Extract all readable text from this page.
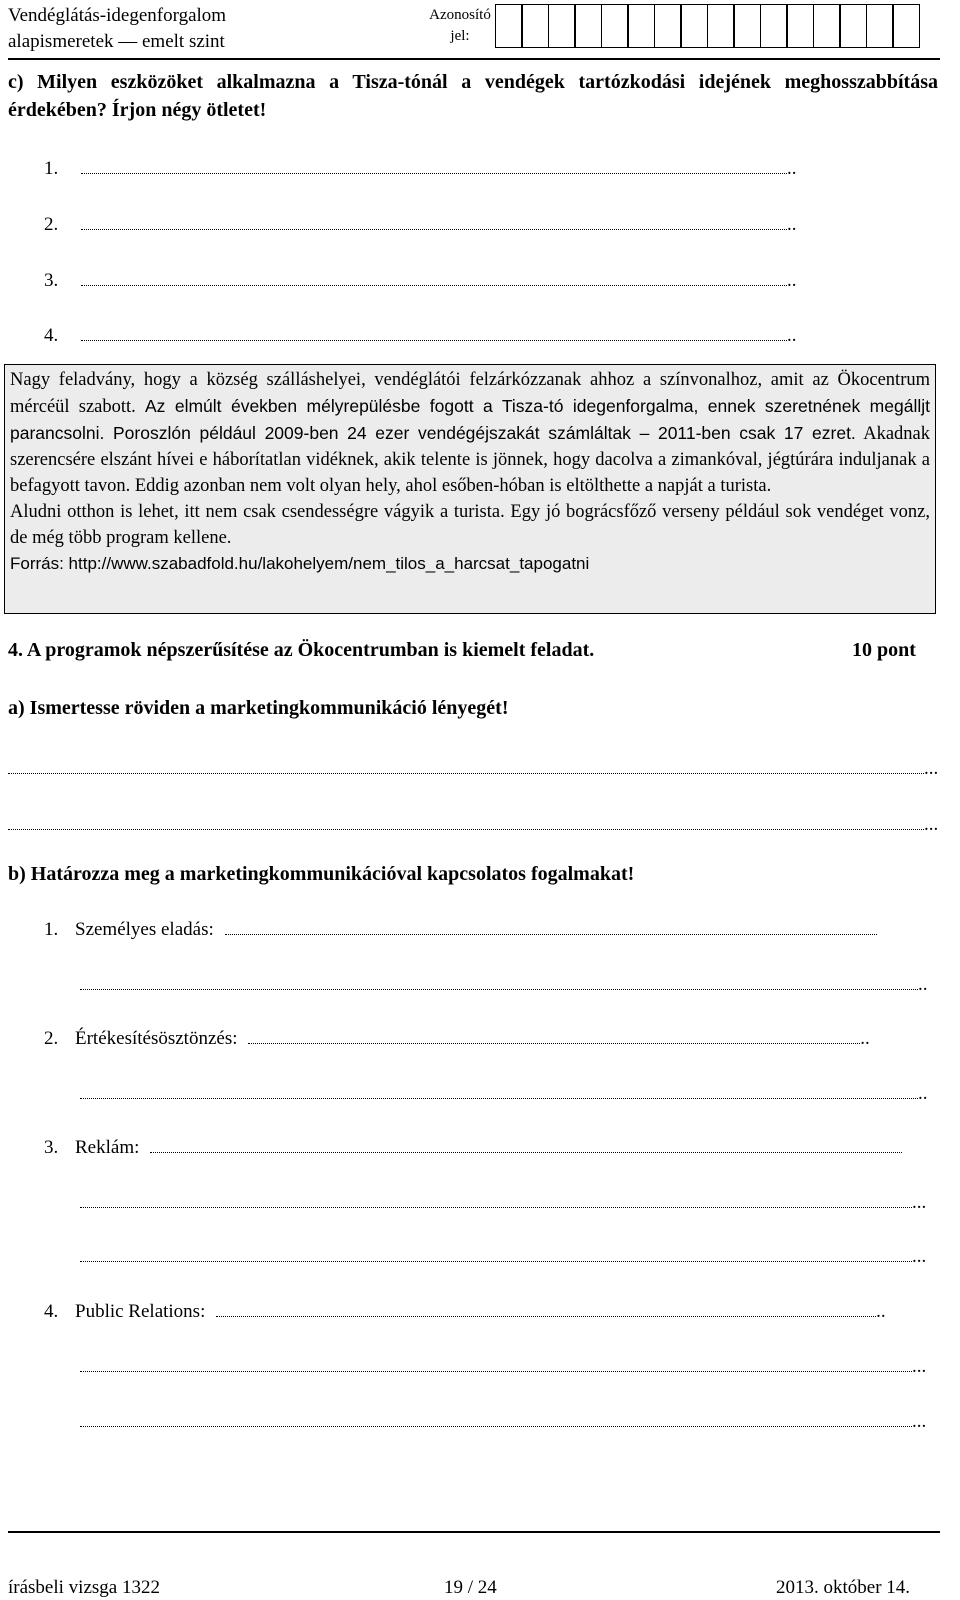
Vendéglátás-idegenforgalom
alapismeretek — emelt szint
Azonosító
jel:
c) Milyen eszközöket alkalmazna a Tisza-tónál a vendégek tartózkodási idejének meghosszabbítása érdekében? Írjon négy ötletet!
1.	..
2.	..
3.	..
4.	..

Nagy feladvány, hogy a község szálláshelyei, vendéglátói felzárkózzanak ahhoz a színvonalhoz, amit az Ökocentrum mércéül szabott. Az elmúlt években mélyrepülésbe fogott a Tisza-tó idegenforgalma, ennek szeretnének megálljt parancsolni. Poroszlón például 2009-ben 24 ezer vendégéjszakát számláltak – 2011-ben csak 17 ezret. Akadnak szerencsére elszánt hívei e háborítatlan vidéknek, akik telente is jönnek, hogy dacolva a zimankóval, jégtúrára induljanak a befagyott tavon. Eddig azonban nem volt olyan hely, ahol esőben-hóban is eltölthette a napját a turista.

Aludni otthon is lehet, itt nem csak csendességre vágyik a turista. Egy jó bográcsfőző verseny például sok vendéget vonz, de még több program kellene.

Forrás: http://www.szabadfold.hu/lakohelyem/nem_tilos_a_harcsat_tapogatni

4. A programok népszerűsítése az Ökocentrumban is kiemelt feladat.	10 pont
a) Ismertesse röviden a marketingkommunikáció lényegét!
...
...
b) Határozza meg a marketingkommunikációval kapcsolatos fogalmakat!
1. Személyes eladás:
..
2. Értékesítésösztönzés:	..
..
3. Reklám:
...
...
4. Public Relations:	..
...
...
írásbeli vizsga 1322	19 / 24	2013. október 14.
